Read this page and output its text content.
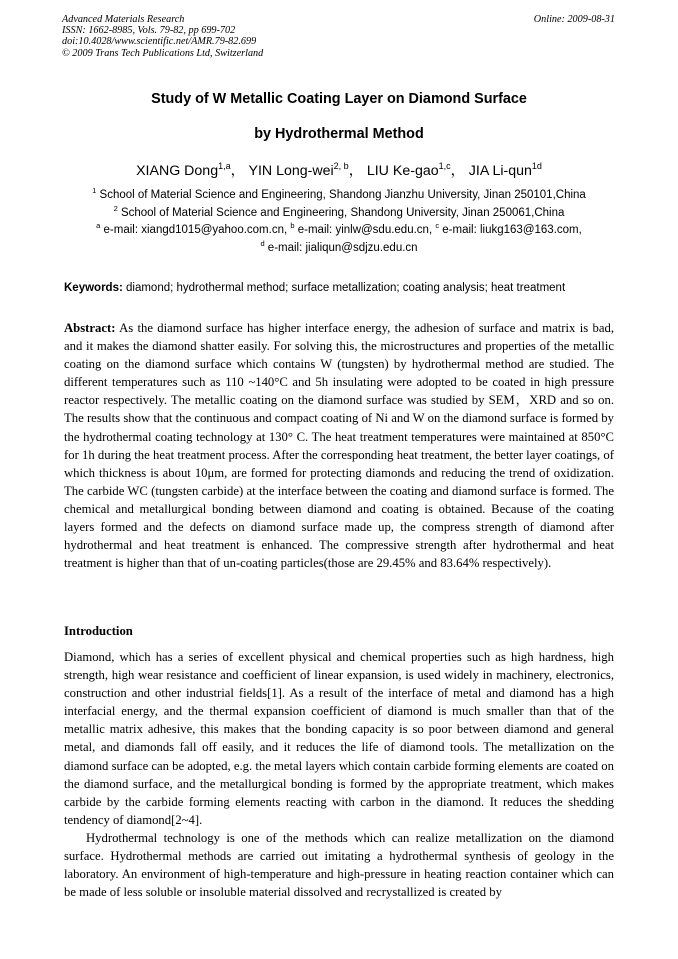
Advanced Materials Research
ISSN: 1662-8985, Vols. 79-82, pp 699-702
doi:10.4028/www.scientific.net/AMR.79-82.699
© 2009 Trans Tech Publications Ltd, Switzerland
Online: 2009-08-31
Study of W Metallic Coating Layer on Diamond Surface
by Hydrothermal Method
XIANG Dong$^{1,a}$， YIN Long-wei$^{2, b}$， LIU Ke-gao$^{1,c}$， JIA Li-qun$^{1d}$
$^1$ School of Material Science and Engineering, Shandong Jianzhu University, Jinan 250101,China
$^2$ School of Material Science and Engineering, Shandong University, Jinan 250061,China
$^a$ e-mail: xiangd1015@yahoo.com.cn, $^b$ e-mail: yinlw@sdu.edu.cn, $^c$ e-mail: liukg163@163.com,
$^d$ e-mail: jialiqun@sdjzu.edu.cn
Keywords: diamond; hydrothermal method; surface metallization; coating analysis; heat treatment
Abstract: As the diamond surface has higher interface energy, the adhesion of surface and matrix is bad, and it makes the diamond shatter easily. For solving this, the microstructures and properties of the metallic coating on the diamond surface which contains W (tungsten) by hydrothermal method are studied. The different temperatures such as 110 ~140°C and 5h insulating were adopted to be coated in high pressure reactor respectively. The metallic coating on the diamond surface was studied by SEM，XRD and so on. The results show that the continuous and compact coating of Ni and W on the diamond surface is formed by the hydrothermal coating technology at 130° C. The heat treatment temperatures were maintained at 850°C for 1h during the heat treatment process. After the corresponding heat treatment, the better layer coatings, of which thickness is about 10μm, are formed for protecting diamonds and reducing the trend of oxidization. The carbide WC (tungsten carbide) at the interface between the coating and diamond surface is formed. The chemical and metallurgical bonding between diamond and coating is obtained. Because of the coating layers formed and the defects on diamond surface made up, the compress strength of diamond after hydrothermal and heat treatment is enhanced. The compressive strength after hydrothermal and heat treatment is higher than that of un-coating particles(those are 29.45% and 83.64% respectively).
Introduction

Diamond, which has a series of excellent physical and chemical properties such as high hardness, high strength, high wear resistance and coefficient of linear expansion, is used widely in machinery, electronics, construction and other industrial fields[1]. As a result of the interface of metal and diamond has a high interfacial energy, and the thermal expansion coefficient of diamond is much smaller than that of the metallic matrix adhesive, this makes that the bonding capacity is so poor between diamond and general metal, and diamonds fall off easily, and it reduces the life of diamond tools. The metallization on the diamond surface can be adopted, e.g. the metal layers which contain carbide forming elements are coated on the diamond surface, and the metallurgical bonding is formed by the appropriate treatment, which makes carbide by the carbide forming elements reacting with carbon in the diamond. It reduces the shedding tendency of diamond[2~4].

Hydrothermal technology is one of the methods which can realize metallization on the diamond surface. Hydrothermal methods are carried out imitating a hydrothermal synthesis of geology in the laboratory. An environment of high-temperature and high-pressure in heating reaction container which can be made of less soluble or insoluble material dissolved and recrystallized is created by
